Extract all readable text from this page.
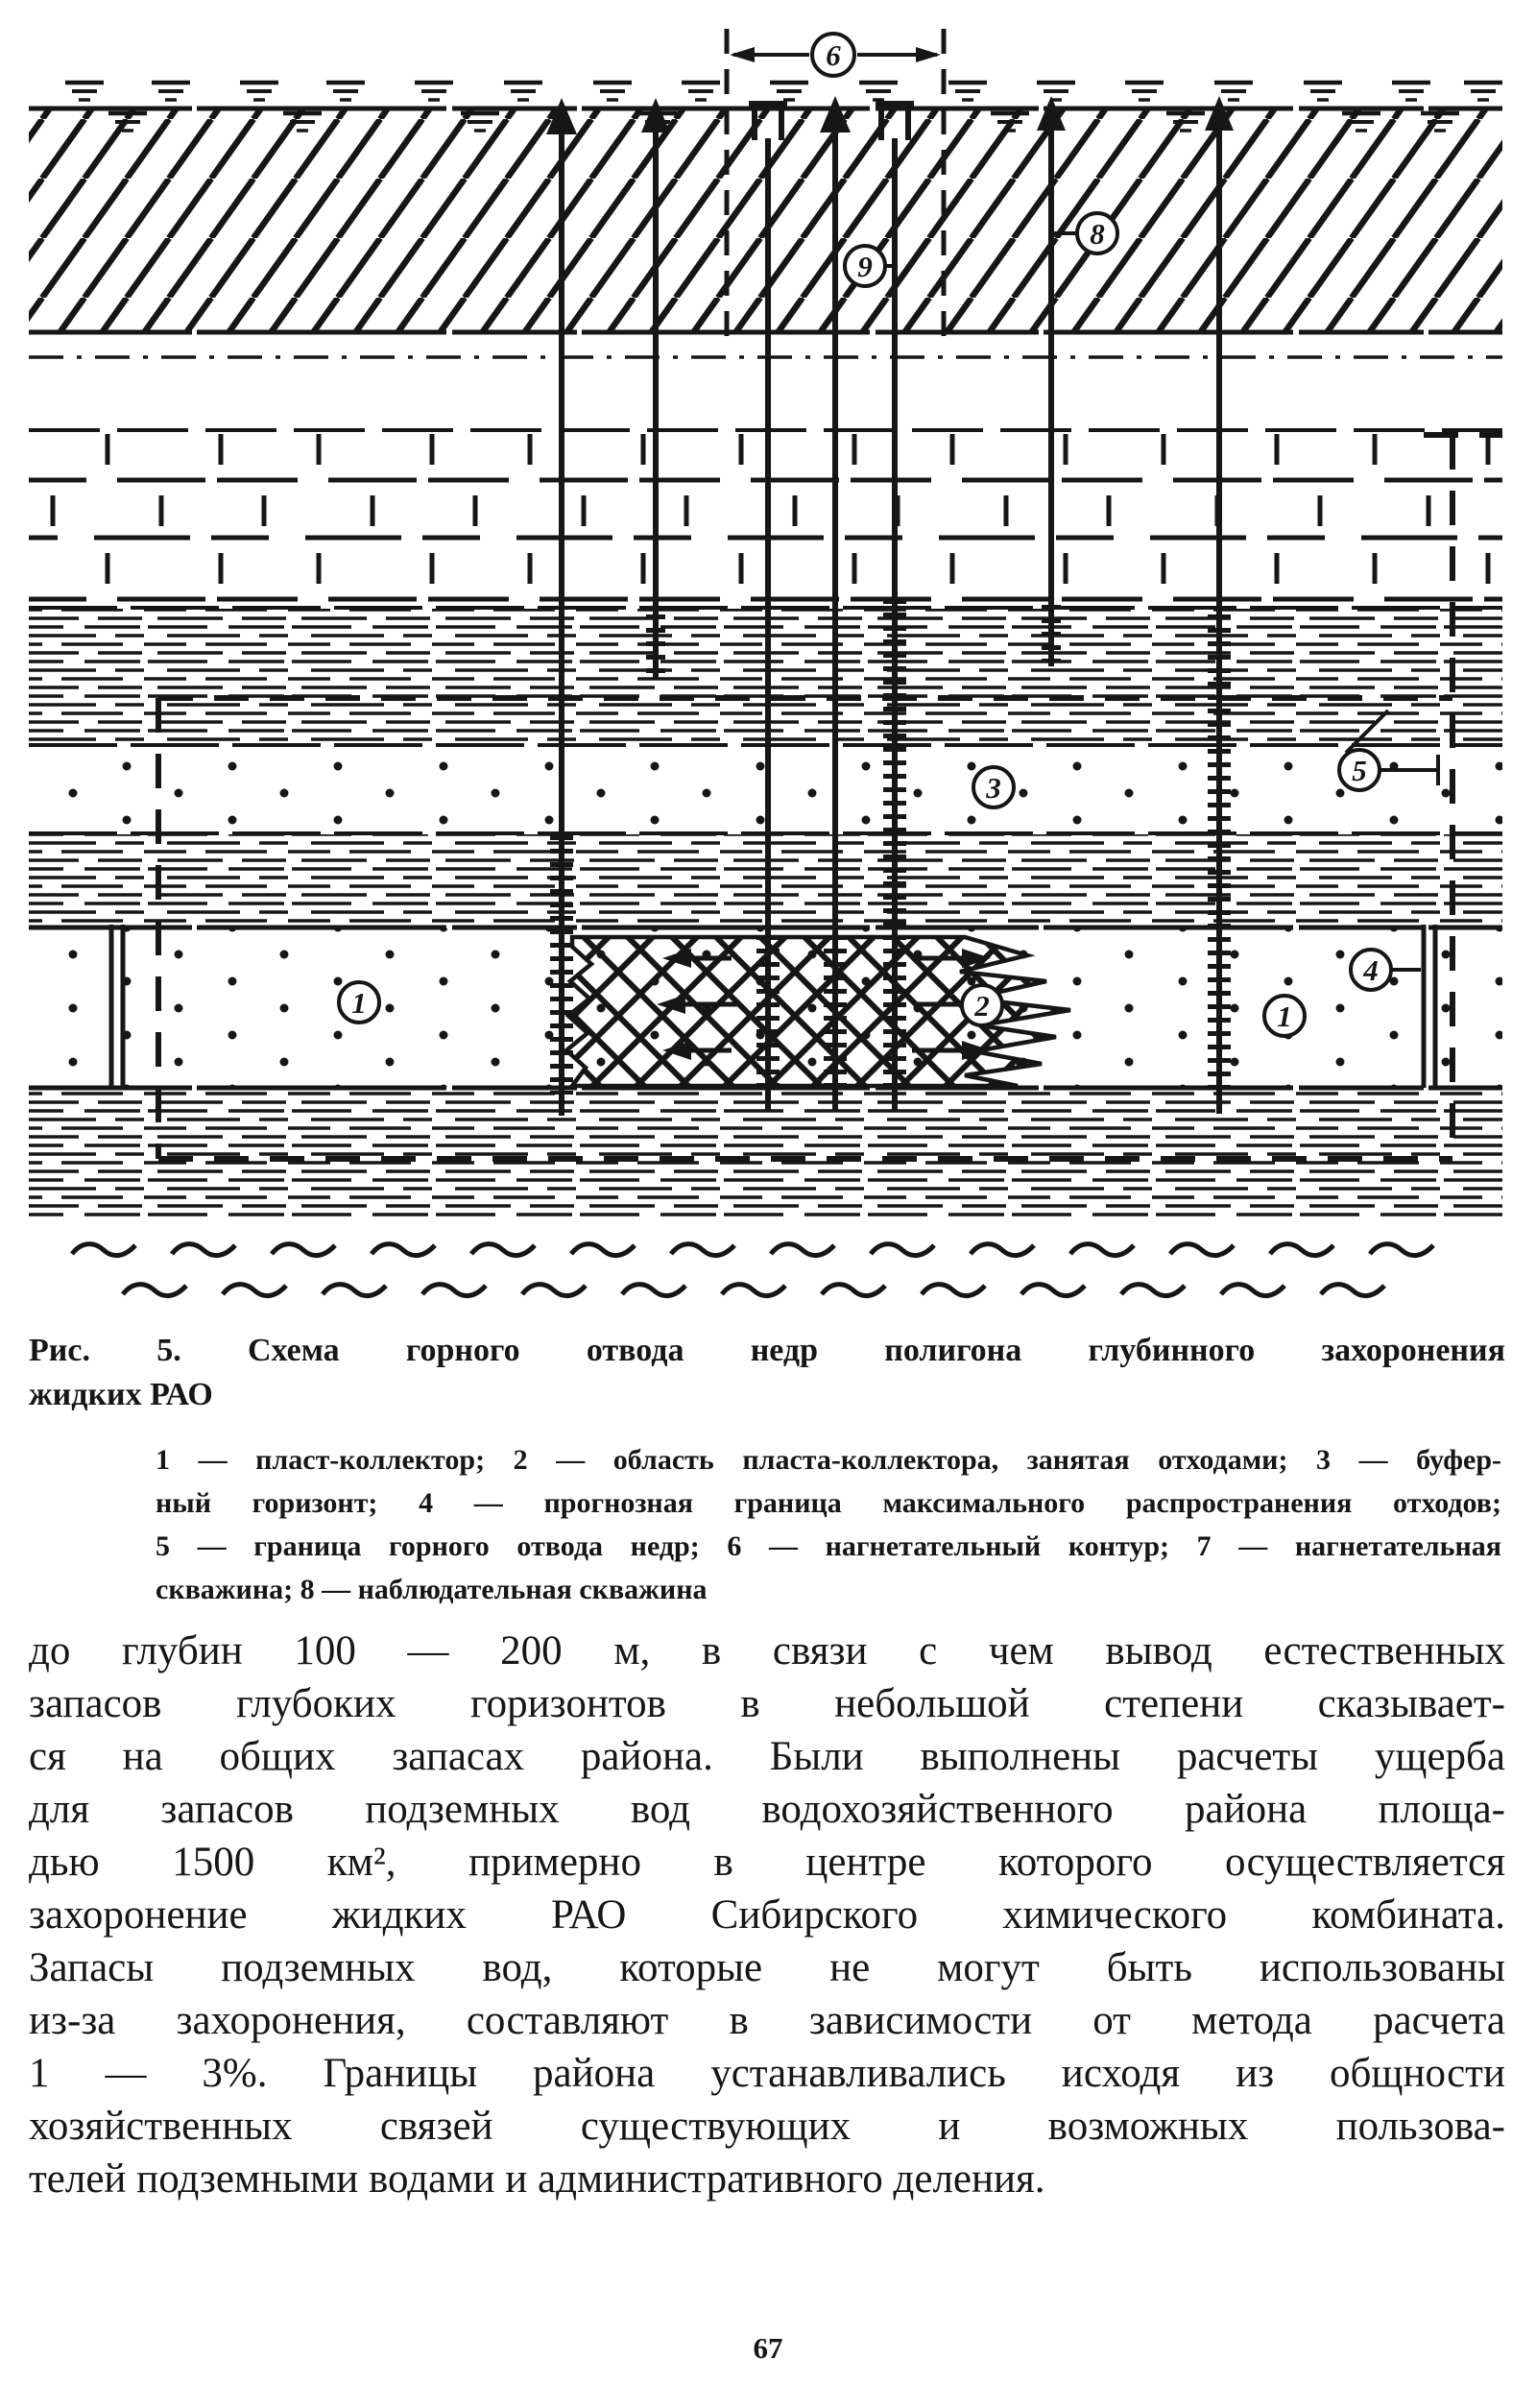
6
9
8
3
5
4
1	2	1
Рис. 5. Схема горного отвода недр полигона глубинного захоронения
жидких РАО
1 — пласт-коллектор; 2 — область пласта-коллектора, занятая отходами; 3 — буфер-
ный горизонт; 4 — прогнозная граница максимального распространения отходов;
5 — граница горного отвода недр; 6 — нагнетательный контур; 7 — нагнетательная
скважина; 8 — наблюдательная скважина
до глубин 100 — 200 м, в связи с чем вывод естественных
запасов глубоких горизонтов в небольшой степени сказывает-
ся на общих запасах района. Были выполнены расчеты ущерба
для запасов подземных вод водохозяйственного района площа-
дью 1500 км², примерно в центре которого осуществляется
захоронение жидких РАО Сибирского химического комбината.
Запасы подземных вод, которые не могут быть использованы
из-за захоронения, составляют в зависимости от метода расчета
1 — 3%. Границы района устанавливались исходя из общности
хозяйственных связей существующих и возможных пользова-
телей подземными водами и административного деления.
67
